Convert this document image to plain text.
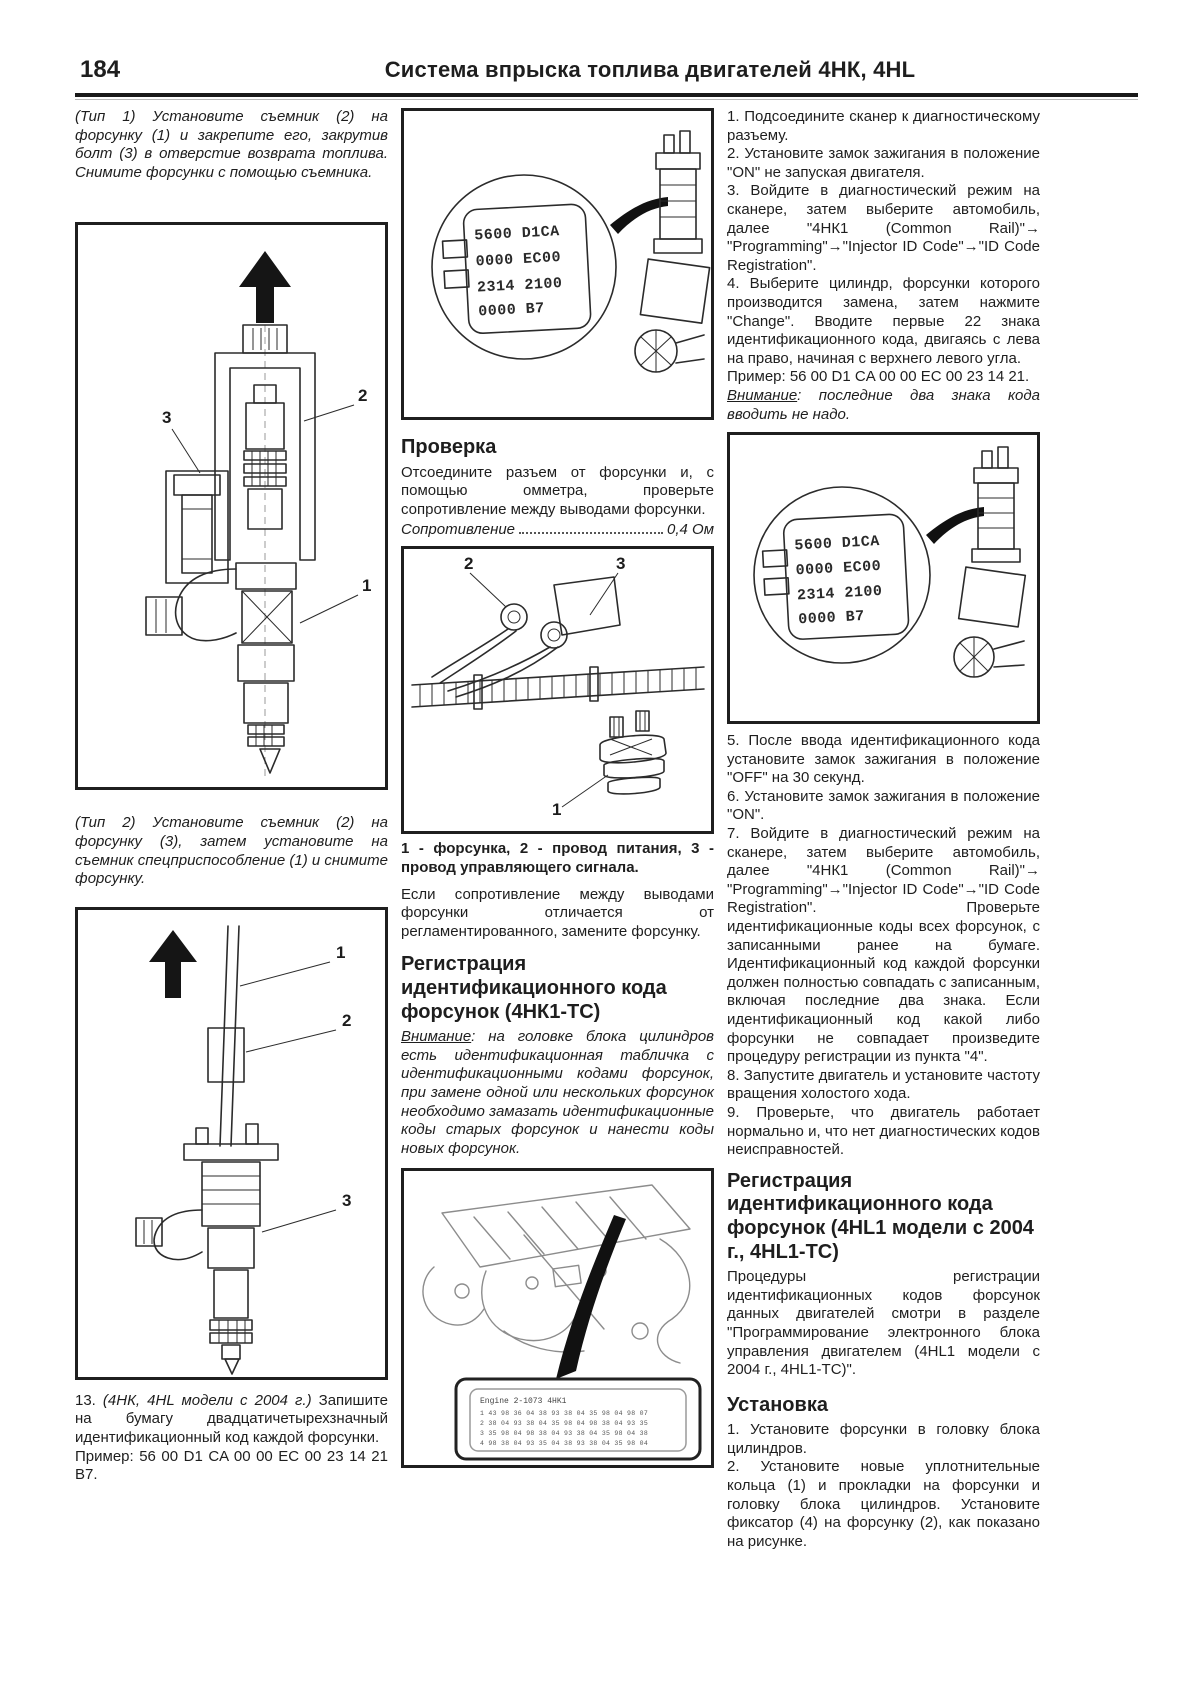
184	Система впрыска топлива двигателей 4НК, 4HL

(Тип 1) Установите съемник (2) на форсунку (1) и закрепите его, закрутив болт (3) в отверстие возврата топлива. Снимите форсунки с помощью съемника.

3
2
1

(Тип 2) Установите съемник (2) на форсунку (3), затем установите на съемник спецприспособление (1) и снимите форсунку.

1
2
3

13. (4НК, 4HL модели с 2004 г.) Запишите на бумагу двадцатичетырехзначный идентификационный код каждой форсунки.

Пример: 56 00 D1 CA 00 00 EC 00 23 14 21 В7.

5600 D1CA
0000 EC00
2314 2100
0000 B7
Проверка

Отсоедините разъем от форсунки и, с помощью омметра, проверьте сопротивление между выводами форсунки.

Сопротивление	0,4 Ом
2	3
1

1 - форсунка, 2 - провод питания, 3 - провод управляющего сигнала.

Если сопротивление между выводами форсунки отличается от регламентированного, замените форсунку.

Регистрация идентификационного кода форсунок (4НК1-ТС)

Внимание: на головке блока цилиндров есть идентификационная табличка с идентификационными кодами форсунок, при замене одной или нескольких форсунок необходимо замазать идентификационные коды старых форсунок и нанести коды новых форсунок.

Engine 2-1073 4HK1
1 43 98 36 04 38 93 38 04 35 98 04 98 07
2 38 04 93 38 04 35 98 04 98 38 04 93 35
3 35 98 04 98 38 04 93 38 04 35 98 04 38
4 98 38 04 93 35 04 38 93 38 04 35 98 04

1. Подсоедините сканер к диагностическому разъему.

2. Установите замок зажигания в положение "ON" не запуская двигателя.

3. Войдите в диагностический режим на сканере, затем выберите автомобиль, далее "4НК1 (Common Rail)"→ "Programming"→"Injector ID Code"→"ID Code Registration".

4. Выберите цилиндр, форсунки которого производится замена, затем нажмите "Change". Вводите первые 22 знака идентификационного кода, двигаясь с лева на право, начиная с верхнего левого угла.

Пример: 56 00 D1 CA 00 00 EC 00 23 14 21.

Внимание: последние два знака кода вводить не надо.

5600 D1CA
0000 EC00
2314 2100
0000 B7

5. После ввода идентификационного кода установите замок зажигания в положение "OFF" на 30 секунд.

6. Установите замок зажигания в положение "ON".

7. Войдите в диагностический режим на сканере, затем выберите автомобиль, далее "4НК1 (Common Rail)"→ "Programming"→"Injector ID Code"→"ID Code Registration". Проверьте идентификационные коды всех форсунок, с записанными ранее на бумаге. Идентификационный код каждой форсунки должен полностью совпадать с записанным, включая последние два знака. Если идентификационный код какой либо форсунки не совпадает произведите процедуру регистрации из пункта "4".

8. Запустите двигатель и установите частоту вращения холостого хода.

9. Проверьте, что двигатель работает нормально и, что нет диагностических кодов неисправностей.

Регистрация идентификационного кода форсунок (4HL1 модели с 2004 г., 4HL1-TC)

Процедуры регистрации идентификационных кодов форсунок данных двигателей смотри в разделе "Программирование электронного блока управления двигателем (4HL1 модели с 2004 г., 4HL1-TC)".

Установка

1. Установите форсунки в головку блока цилиндров.

2. Установите новые уплотнительные кольца (1) и прокладки на форсунки и головку блока цилиндров. Установите фиксатор (4) на форсунку (2), как показано на рисунке.
